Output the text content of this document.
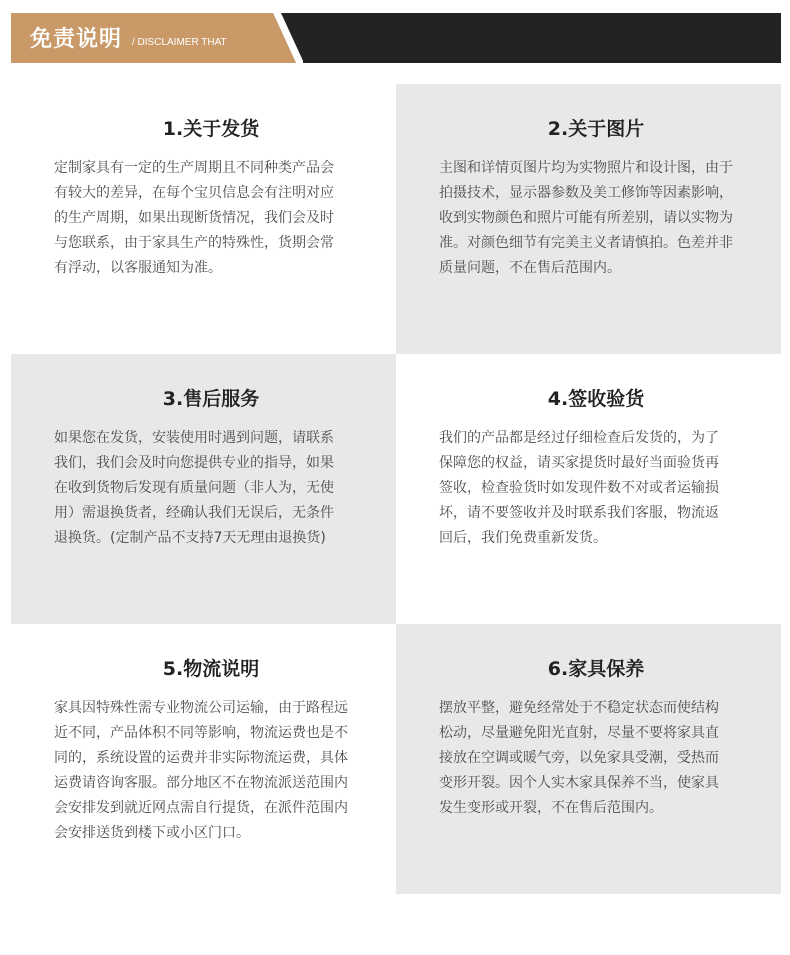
免责说明 / DISCLAIMER THAT
1.关于发货
定制家具有一定的生产周期且不同种类产品会
有较大的差异，在每个宝贝信息会有注明对应
的生产周期，如果出现断货情况，我们会及时
与您联系，由于家具生产的特殊性，货期会常
有浮动，以客服通知为准。
2.关于图片
主图和详情页图片均为实物照片和设计图，由于
拍摄技术，显示器参数及美工修饰等因素影响，
收到实物颜色和照片可能有所差别，请以实物为
准。对颜色细节有完美主义者请慎拍。色差并非
质量问题，不在售后范围内。
3.售后服务
如果您在发货，安装使用时遇到问题，请联系
我们，我们会及时向您提供专业的指导，如果
在收到货物后发现有质量问题（非人为，无使
用）需退换货者，经确认我们无误后，无条件
退换货。(定制产品不支持7天无理由退换货)
4.签收验货
我们的产品都是经过仔细检查后发货的，为了
保障您的权益，请买家提货时最好当面验货再
签收，检查验货时如发现件数不对或者运输损
坏，请不要签收并及时联系我们客服，物流返
回后，我们免费重新发货。
5.物流说明
家具因特殊性需专业物流公司运输，由于路程远
近不同，产品体积不同等影响，物流运费也是不
同的，系统设置的运费并非实际物流运费，具体
运费请咨询客服。部分地区不在物流派送范围内
会安排发到就近网点需自行提货，在派件范围内
会安排送货到楼下或小区门口。
6.家具保养
摆放平整，避免经常处于不稳定状态而使结构
松动，尽量避免阳光直射，尽量不要将家具直
接放在空调或暖气旁，以免家具受潮，受热而
变形开裂。因个人实木家具保养不当，使家具
发生变形或开裂，不在售后范围内。
